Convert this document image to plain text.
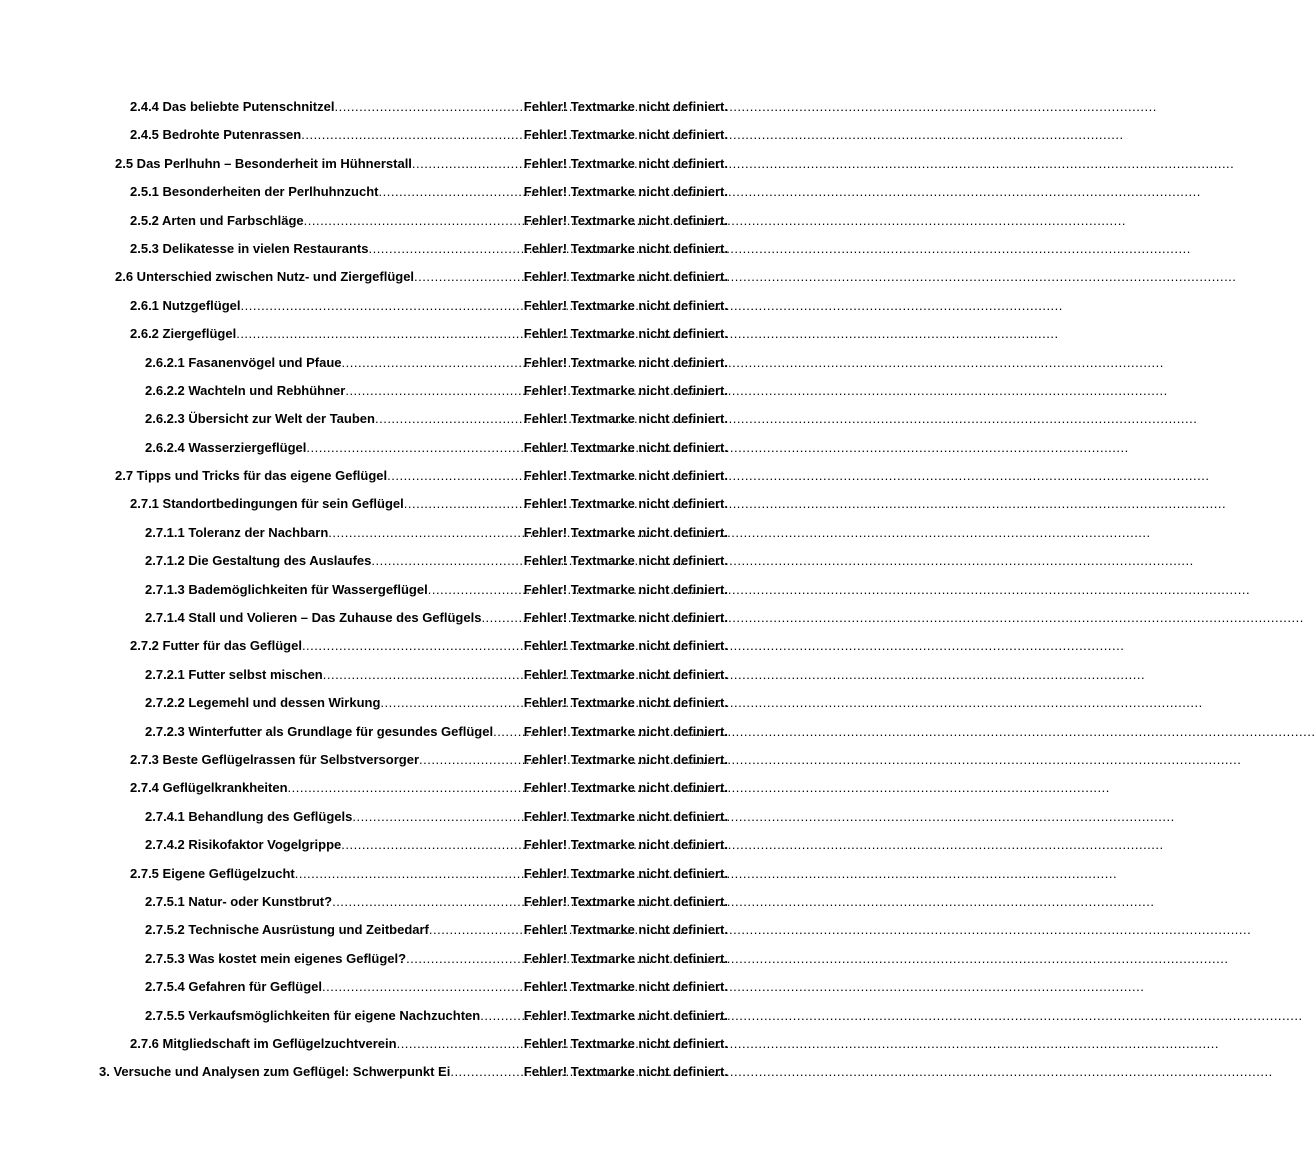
2.4.4 Das beliebte Putenschnitzel .....	Fehler! Textmarke nicht definiert.
2.4.5 Bedrohte Putenrassen .....	Fehler! Textmarke nicht definiert.
2.5 Das Perlhuhn – Besonderheit im Hühnerstall .....	Fehler! Textmarke nicht definiert.
2.5.1 Besonderheiten der Perlhuhnzucht .....	Fehler! Textmarke nicht definiert.
2.5.2 Arten und Farbschläge .....	Fehler! Textmarke nicht definiert.
2.5.3 Delikatesse in vielen Restaurants .....	Fehler! Textmarke nicht definiert.
2.6 Unterschied zwischen Nutz- und Ziergeflügel .....	Fehler! Textmarke nicht definiert.
2.6.1 Nutzgeflügel .....	Fehler! Textmarke nicht definiert.
2.6.2 Ziergeflügel .....	Fehler! Textmarke nicht definiert.
2.6.2.1 Fasanenvögel und Pfaue .....	Fehler! Textmarke nicht definiert.
2.6.2.2 Wachteln und Rebhühner .....	Fehler! Textmarke nicht definiert.
2.6.2.3 Übersicht zur Welt der Tauben .....	Fehler! Textmarke nicht definiert.
2.6.2.4 Wasserziergeflügel .....	Fehler! Textmarke nicht definiert.
2.7 Tipps und Tricks für das eigene Geflügel .....	Fehler! Textmarke nicht definiert.
2.7.1 Standortbedingungen für sein Geflügel .....	Fehler! Textmarke nicht definiert.
2.7.1.1 Toleranz der Nachbarn .....	Fehler! Textmarke nicht definiert.
2.7.1.2 Die Gestaltung des Auslaufes .....	Fehler! Textmarke nicht definiert.
2.7.1.3 Bademöglichkeiten für Wassergeflügel .....	Fehler! Textmarke nicht definiert.
2.7.1.4 Stall und Volieren – Das Zuhause des Geflügels .....	Fehler! Textmarke nicht definiert.
2.7.2 Futter für das Geflügel .....	Fehler! Textmarke nicht definiert.
2.7.2.1 Futter selbst mischen .....	Fehler! Textmarke nicht definiert.
2.7.2.2 Legemehl und dessen Wirkung .....	Fehler! Textmarke nicht definiert.
2.7.2.3 Winterfutter als Grundlage für gesundes Geflügel ..... Fehler! Textmarke nicht definiert.
2.7.3 Beste Geflügelrassen für Selbstversorger .....	Fehler! Textmarke nicht definiert.
2.7.4 Geflügelkrankheiten .....	Fehler! Textmarke nicht definiert.
2.7.4.1 Behandlung des Geflügels .....	Fehler! Textmarke nicht definiert.
2.7.4.2 Risikofaktor Vogelgrippe .....	Fehler! Textmarke nicht definiert.
2.7.5 Eigene Geflügelzucht .....	Fehler! Textmarke nicht definiert.
2.7.5.1 Natur- oder Kunstbrut? .....	Fehler! Textmarke nicht definiert.
2.7.5.2 Technische Ausrüstung und Zeitbedarf .....	Fehler! Textmarke nicht definiert.
2.7.5.3 Was kostet mein eigenes Geflügel? .....	Fehler! Textmarke nicht definiert.
2.7.5.4 Gefahren für Geflügel .....	Fehler! Textmarke nicht definiert.
2.7.5.5 Verkaufsmöglichkeiten für eigene Nachzuchten .....	Fehler! Textmarke nicht definiert.
2.7.6 Mitgliedschaft im Geflügelzuchtverein .....	Fehler! Textmarke nicht definiert.
3. Versuche und Analysen zum Geflügel: Schwerpunkt Ei .....	Fehler! Textmarke nicht definiert.
